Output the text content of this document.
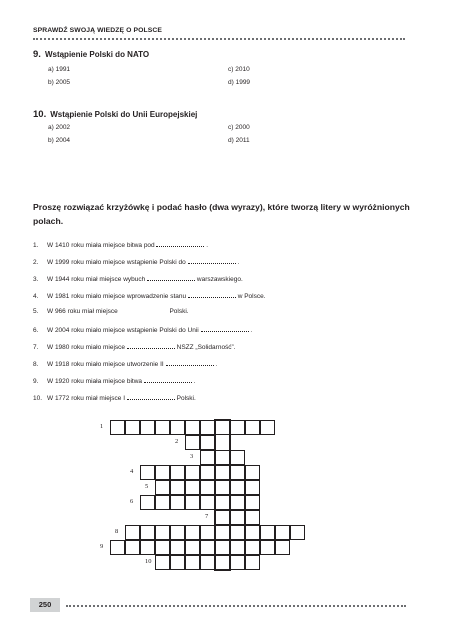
SPRAWDŹ SWOJĄ WIEDZĘ O POLSCE
9. Wstąpienie Polski do NATO
a) 1991	c) 2010
b) 2005	d) 1999
10. Wstąpienie Polski do Unii Europejskiej
a) 2002	c) 2000
b) 2004	d) 2011
Proszę rozwiązać krzyżówkę i podać hasło (dwa wyrazy), które tworzą litery w wyróżnionych polach.
1. W 1410 roku miała miejsce bitwa pod	.
2. W 1999 roku miało miejsce wstąpienie Polski do	.
3. W 1944 roku miał miejsce wybuch	warszawskiego.
4. W 1981 roku miało miejsce wprowadzenie stanu	w Polsce.
5. W 966 roku miał miejsce	Polski.
6. W 2004 roku miało miejsce wstąpienie Polski do Unii	.
7. W 1980 roku miało miejsce	NSZZ „Solidarność”.
8. W 1918 roku miało miejsce utworzenie II	.
9. W 1920 roku miała miejsce bitwa	.
10. W 1772 roku miał miejsce I	Polski.
1
2
3
4
5
6
7
8
9
10
250
